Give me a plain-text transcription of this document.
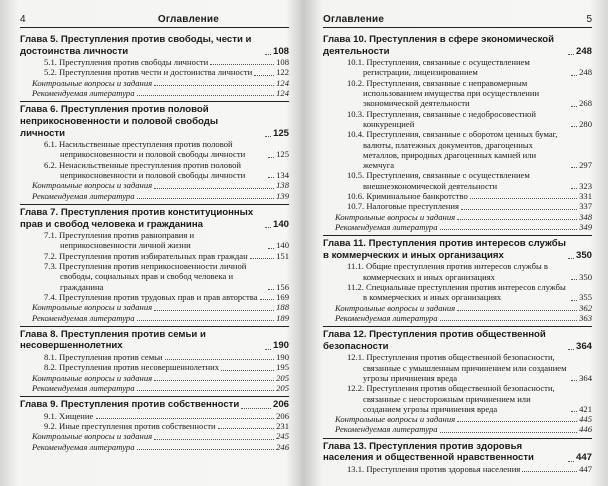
4	Оглавление
Глава 5. Преступления против свободы, чести и достоинства личности	108
5.1. Преступления против свободы личности	108
5.2. Преступления против чести и достоинства личности	122
Контрольные вопросы и задания	124
Рекомендуемая литература	124
Глава 6. Преступления против половой неприкосновенности и половой свободы личности	125
6.1. Насильственные преступления против половой неприкосновенности и половой свободы личности	125
6.2. Ненасильственные преступления против половой неприкосновенности и половой свободы личности	134
Контрольные вопросы и задания	138
Рекомендуемая литература	139
Глава 7. Преступления против конституционных прав и свобод человека и гражданина	140
7.1. Преступления против равноправия и неприкосновенности личной жизни	140
7.2. Преступления против избирательных прав граждан	151
7.3. Преступления против неприкосновенности личной свободы, социальных прав и свобод человека и гражданина	156
7.4. Преступления против трудовых прав и прав авторства 169
Контрольные вопросы и задания	188
Рекомендуемая литература	189
Глава 8. Преступления против семьи и несовершеннолетних	190
8.1. Преступления против семьи	190
8.2. Преступления против несовершеннолетних	195
Контрольные вопросы и задания	205
Рекомендуемая литература	205
Глава 9. Преступления против собственности	206
9.1. Хищение	206
9.2. Иные преступления против собственности	231
Контрольные вопросы и задания	245
Рекомендуемая литература	246
Оглавление	5
Глава 10. Преступления в сфере экономической деятельности	248
10.1. Преступления, связанные с осуществлением регистрации, лицензированием	248
10.2. Преступления, связанные с неправомерным использованием имущества при осуществлении экономической деятельности	268
10.3. Преступления, связанные с недобросовестной конкуренцией	280
10.4. Преступления, связанные с оборотом ценных бумаг, валюты, платежных документов, драгоценных металлов, природных драгоценных камней или жемчуга	297
10.5. Преступления, связанные с осуществлением внешнеэкономической деятельности	323
10.6. Криминальное банкротство	331
10.7. Налоговые преступления	337
Контрольные вопросы и задания	348
Рекомендуемая литература	349
Глава 11. Преступления против интересов службы в коммерческих и иных организациях	350
11.1. Общие преступления против интересов службы в коммерческих и иных организациях	350
11.2. Специальные преступления против интересов службы в коммерческих и иных организациях	355
Контрольные вопросы и задания	362
Рекомендуемая литература	363
Глава 12. Преступления против общественной безопасности	364
12.1. Преступления против общественной безопасности, связанные с умышленным причинением или созданием угрозы причинения вреда	364
12.2. Преступления против общественной безопасности, связанные с неосторожным причинением или созданием угрозы причинения вреда	421
Контрольные вопросы и задания	445
Рекомендуемая литература	446
Глава 13. Преступления против здоровья населения и общественной нравственности	447
13.1. Преступления против здоровья населения	447
